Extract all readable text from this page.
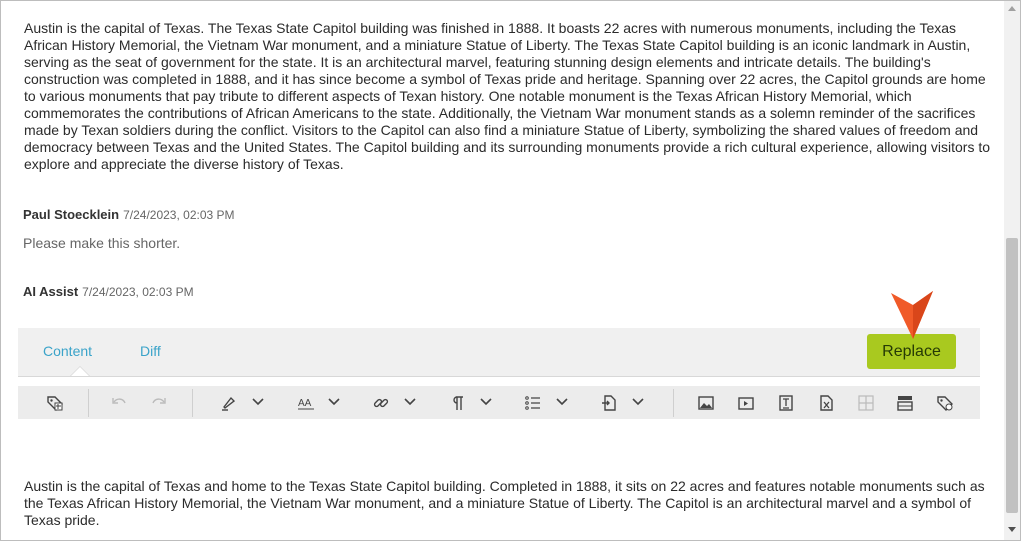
Austin is the capital of Texas. The Texas State Capitol building was finished in 1888. It boasts 22 acres with numerous monuments, including the Texas African History Memorial, the Vietnam War monument, and a miniature Statue of Liberty. The Texas State Capitol building is an iconic landmark in Austin, serving as the seat of government for the state. It is an architectural marvel, featuring stunning design elements and intricate details. The building's construction was completed in 1888, and it has since become a symbol of Texas pride and heritage. Spanning over 22 acres, the Capitol grounds are home to various monuments that pay tribute to different aspects of Texan history. One notable monument is the Texas African History Memorial, which commemorates the contributions of African Americans to the state. Additionally, the Vietnam War monument stands as a solemn reminder of the sacrifices made by Texan soldiers during the conflict. Visitors to the Capitol can also find a miniature Statue of Liberty, symbolizing the shared values of freedom and democracy between Texas and the United States. The Capitol building and its surrounding monuments provide a rich cultural experience, allowing visitors to explore and appreciate the diverse history of Texas.
Paul Stoecklein 7/24/2023, 02:03 PM
Please make this shorter.
AI Assist 7/24/2023, 02:03 PM
Content	Diff	Replace
AA
Austin is the capital of Texas and home to the Texas State Capitol building. Completed in 1888, it sits on 22 acres and features notable monuments such as the Texas African History Memorial, the Vietnam War monument, and a miniature Statue of Liberty. The Capitol is an architectural marvel and a symbol of Texas pride.
